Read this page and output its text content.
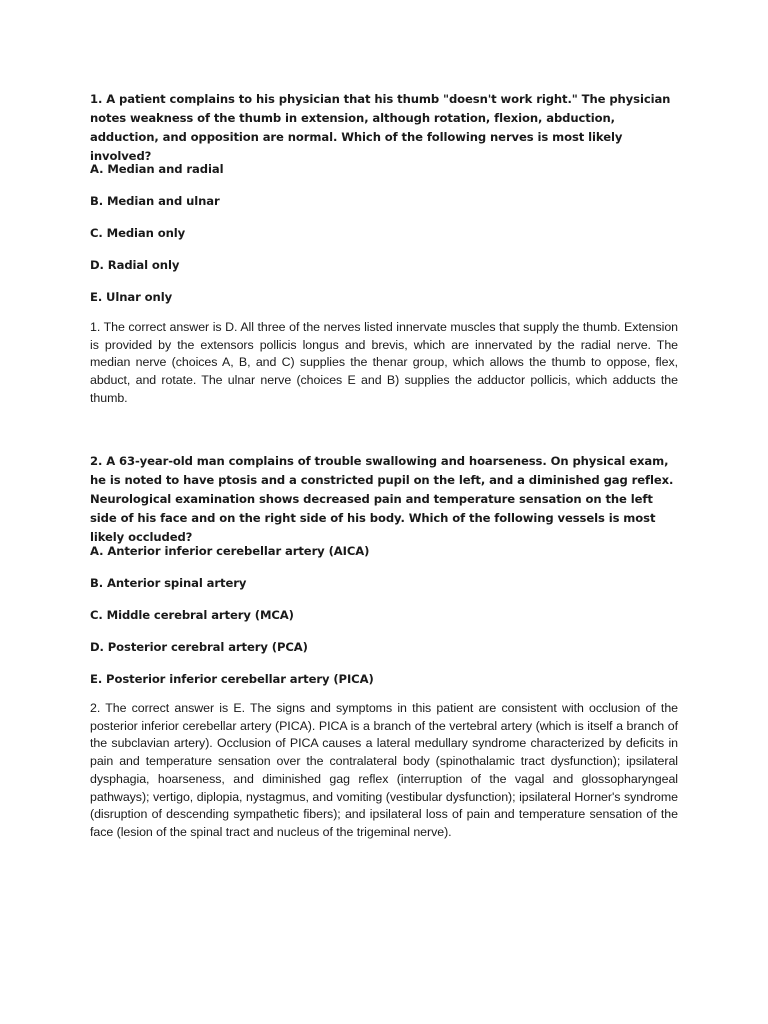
1. A patient complains to his physician that his thumb "doesn't work right." The physician notes weakness of the thumb in extension, although rotation, flexion, abduction, adduction, and opposition are normal. Which of the following nerves is most likely involved?

A. Median and radial

B. Median and ulnar

C. Median only

D. Radial only

E. Ulnar only

1. The correct answer is D. All three of the nerves listed innervate muscles that supply the thumb. Extension is provided by the extensors pollicis longus and brevis, which are innervated by the radial nerve. The median nerve (choices A, B, and C) supplies the thenar group, which allows the thumb to oppose, flex, abduct, and rotate. The ulnar nerve (choices E and B) supplies the adductor pollicis, which adducts the thumb.

2. A 63-year-old man complains of trouble swallowing and hoarseness. On physical exam, he is noted to have ptosis and a constricted pupil on the left, and a diminished gag reflex. Neurological examination shows decreased pain and temperature sensation on the left side of his face and on the right side of his body. Which of the following vessels is most likely occluded?

A. Anterior inferior cerebellar artery (AICA)

B. Anterior spinal artery

C. Middle cerebral artery (MCA)

D. Posterior cerebral artery (PCA)

E. Posterior inferior cerebellar artery (PICA)

2. The correct answer is E. The signs and symptoms in this patient are consistent with occlusion of the posterior inferior cerebellar artery (PICA). PICA is a branch of the vertebral artery (which is itself a branch of the subclavian artery). Occlusion of PICA causes a lateral medullary syndrome characterized by deficits in pain and temperature sensation over the contralateral body (spinothalamic tract dysfunction); ipsilateral dysphagia, hoarseness, and diminished gag reflex (interruption of the vagal and glossopharyngeal pathways); vertigo, diplopia, nystagmus, and vomiting (vestibular dysfunction); ipsilateral Horner's syndrome (disruption of descending sympathetic fibers); and ipsilateral loss of pain and temperature sensation of the face (lesion of the spinal tract and nucleus of the trigeminal nerve).
